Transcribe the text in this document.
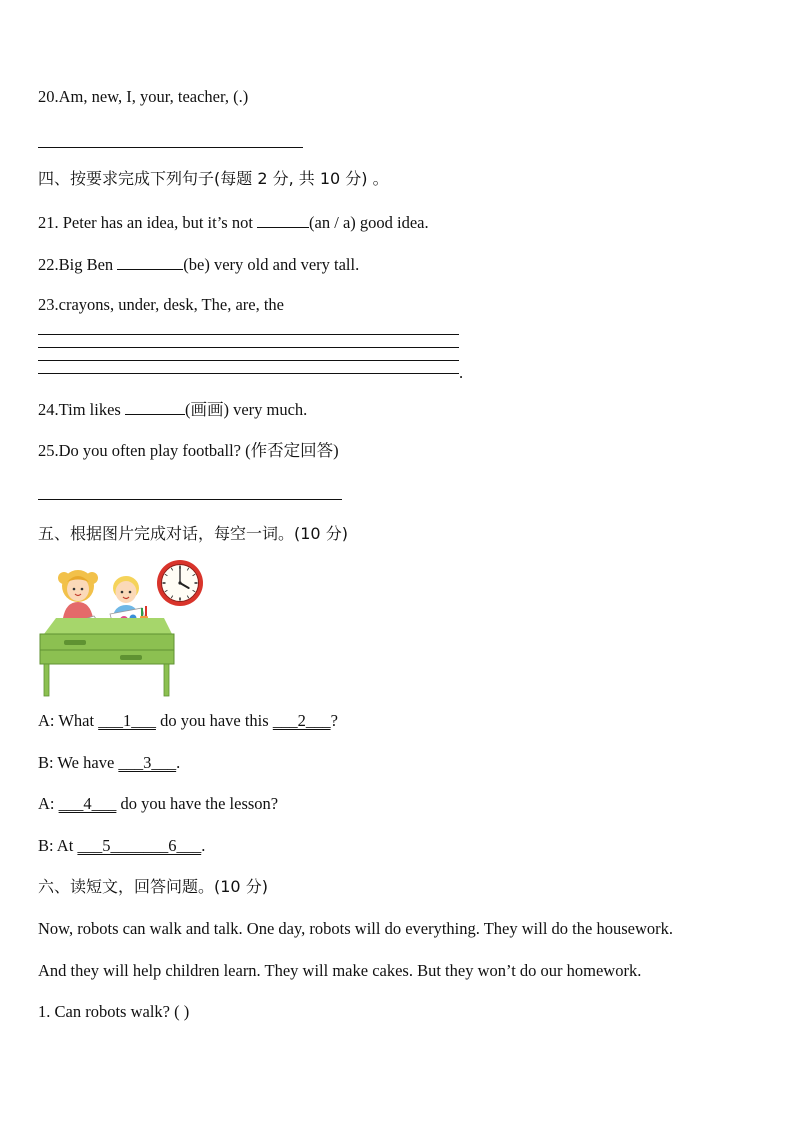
20.Am, new, I, your, teacher, (.)
四、按要求完成下列句子(每题 2 分, 共 10 分) 。
21. Peter has an idea, but it’s not	(an / a) good idea.
22.Big Ben	(be) very old and very tall.
23.crayons, under, desk, The, are, the
.
24.Tim likes	(画画) very much.
25.Do you often play football? (作否定回答)
五、根据图片完成对话，每空一词。(10 分)
A: What ___1___ do you have this ___2___?
B: We have ___3___.
A: ___4___ do you have the lesson?
B: At ___5_______6___.
六、读短文，回答问题。(10 分)
Now, robots can walk and talk. One day, robots will do everything. They will do the housework.
And they will help children learn. They will make cakes. But they won’t do our homework.
1. Can robots walk? ( )
